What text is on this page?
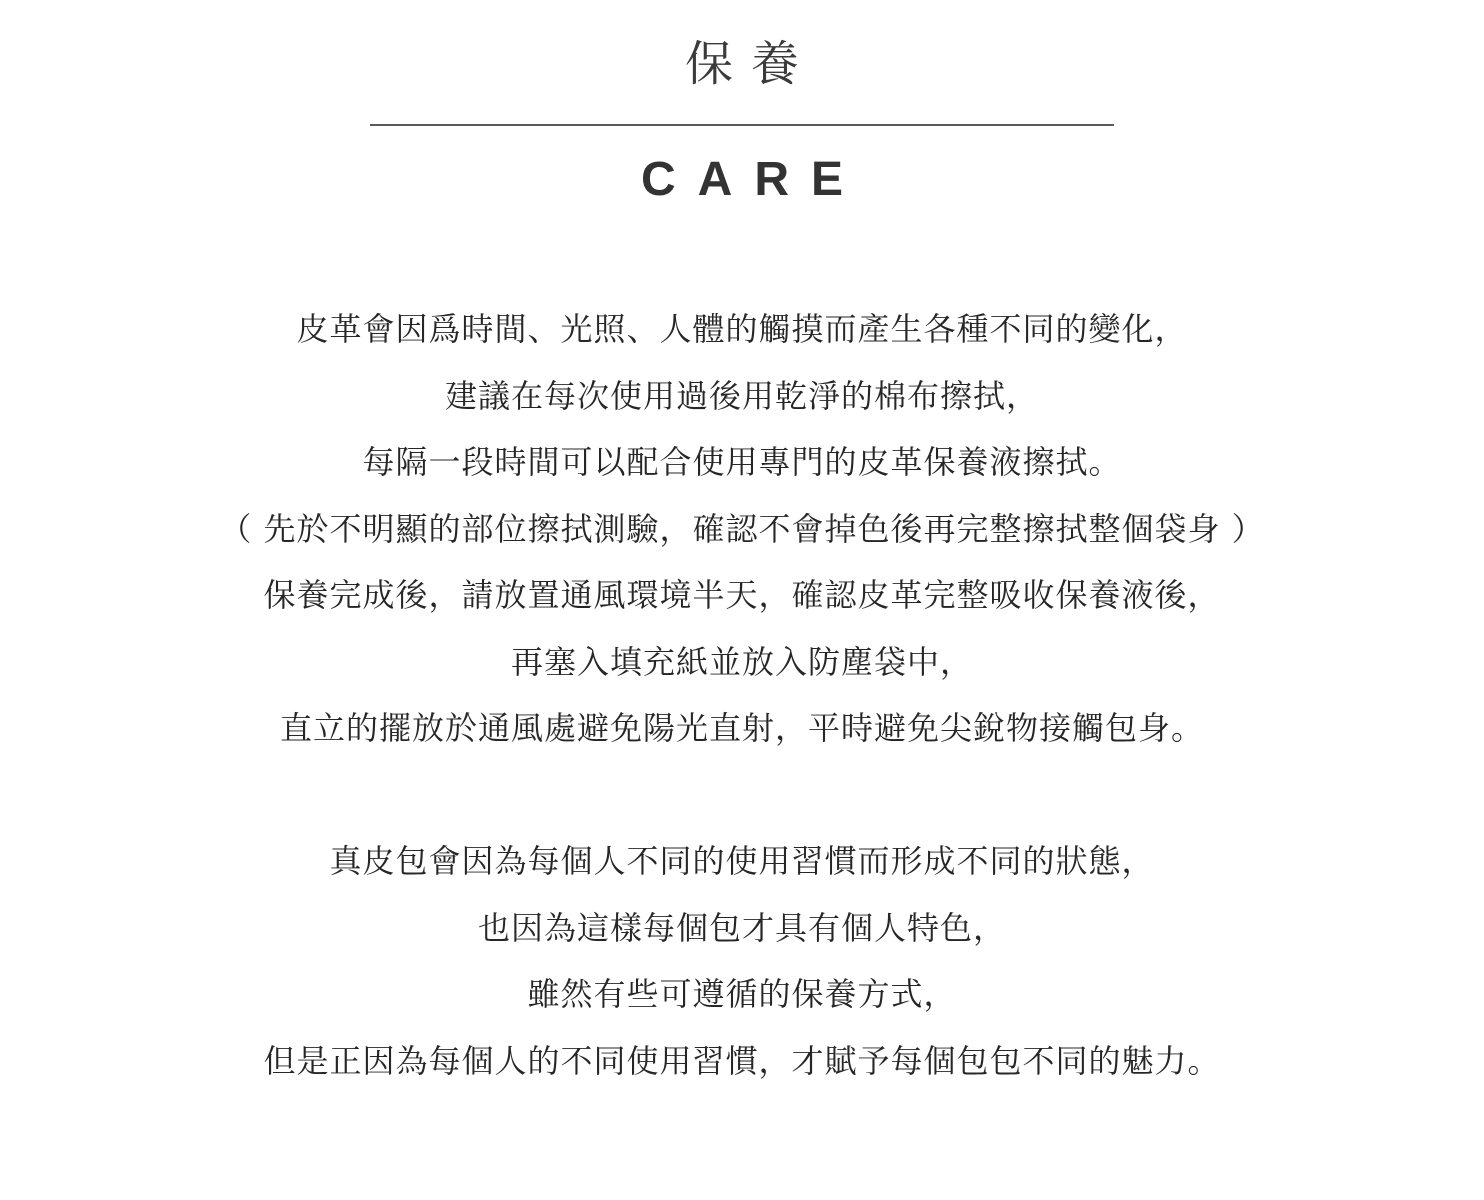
保養
CARE
皮革會因爲時間、光照、人體的觸摸而產生各種不同的變化，
建議在每次使用過後用乾淨的棉布擦拭，
每隔一段時間可以配合使用專門的皮革保養液擦拭。
（ 先於不明顯的部位擦拭測驗，確認不會掉色後再完整擦拭整個袋身 ）
保養完成後，請放置通風環境半天，確認皮革完整吸收保養液後，
再塞入填充紙並放入防塵袋中，
直立的擺放於通風處避免陽光直射，平時避免尖銳物接觸包身。
真皮包會因為每個人不同的使用習慣而形成不同的狀態，
也因為這樣每個包才具有個人特色，
雖然有些可遵循的保養方式，
但是正因為每個人的不同使用習慣，才賦予每個包包不同的魅力。
